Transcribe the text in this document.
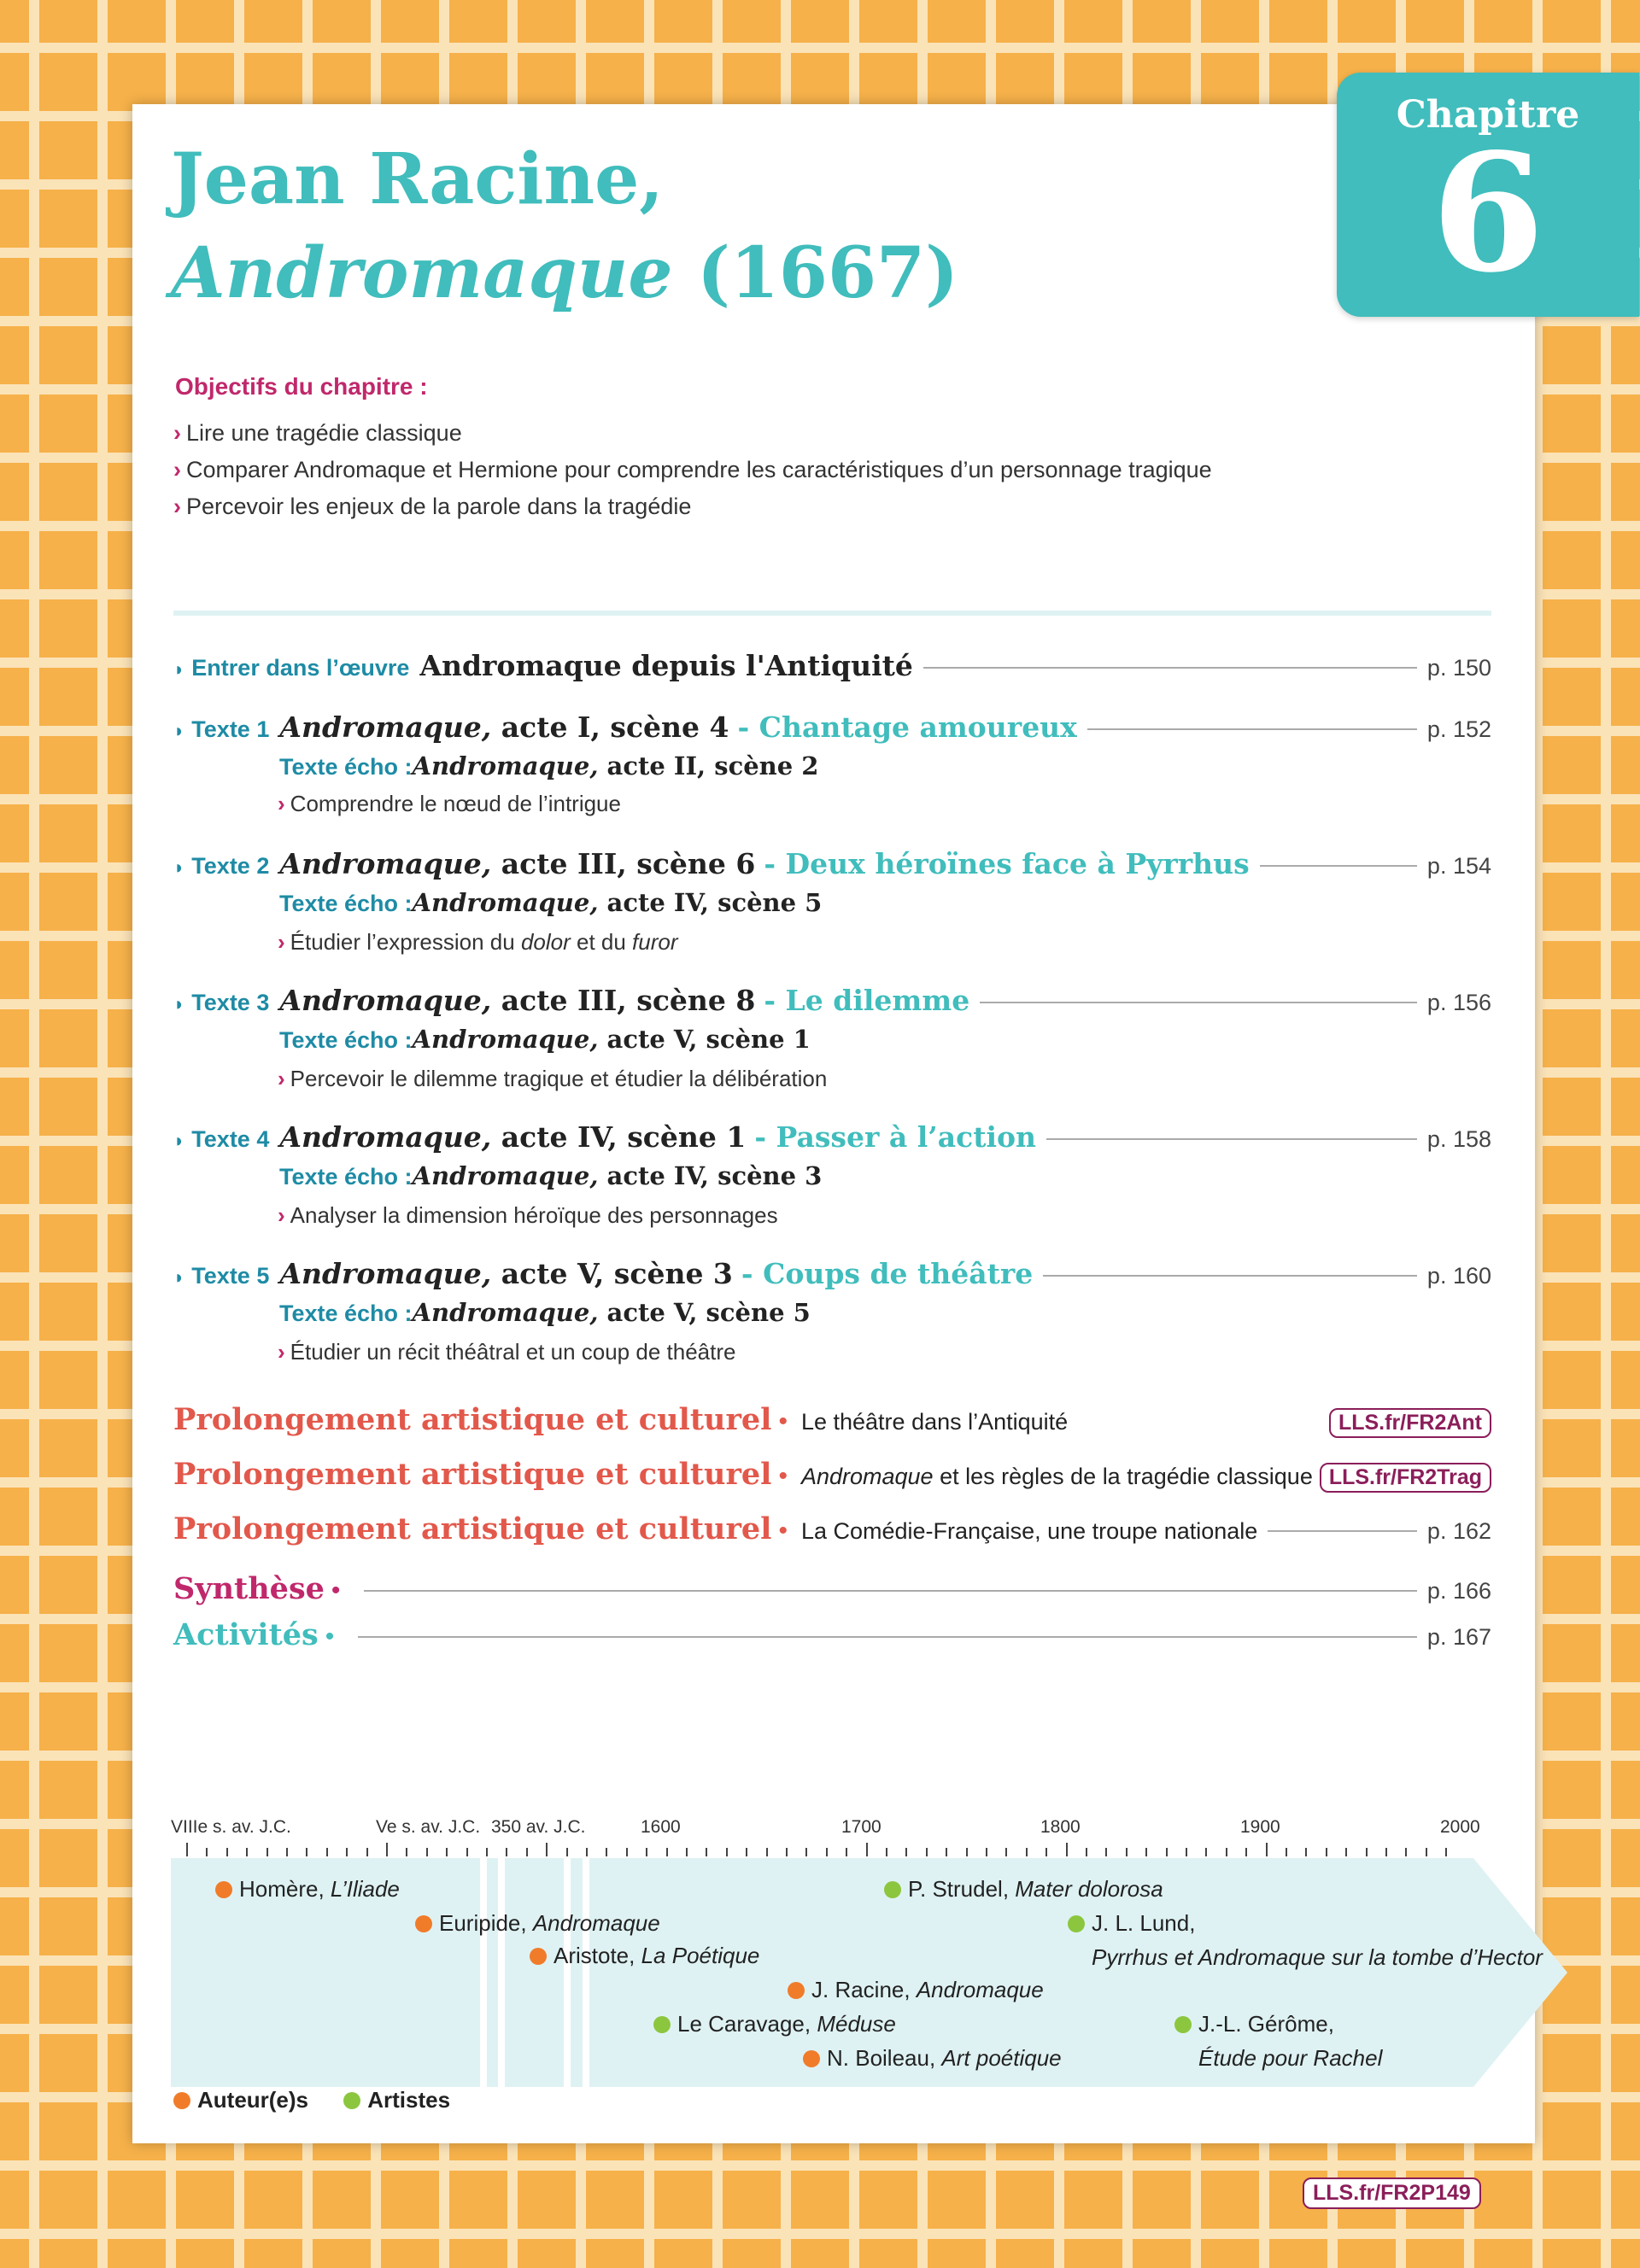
Chapitre
6
Jean Racine,
Andromaque (1667)
Objectifs du chapitre :
› Lire une tragédie classique
› Comparer Andromaque et Hermione pour comprendre les caractéristiques d’un personnage tragique
› Percevoir les enjeux de la parole dans la tragédie
◗ Entrer dans l’œuvre Andromaque depuis l'Antiquité	p. 150
◗ Texte 1 Andromaque, acte I, scène 4 - Chantage amoureux	p. 152
Texte écho :Andromaque, acte II, scène 2
› Comprendre le nœud de l’intrigue
◗ Texte 2 Andromaque, acte III, scène 6 - Deux héroïnes face à Pyrrhus	p. 154
Texte écho :Andromaque, acte IV, scène 5
› Étudier l’expression du dolor et du furor
◗ Texte 3 Andromaque, acte III, scène 8 - Le dilemme	p. 156
Texte écho :Andromaque, acte V, scène 1
› Percevoir le dilemme tragique et étudier la délibération
◗ Texte 4 Andromaque, acte IV, scène 1 - Passer à l’action	p. 158
Texte écho :Andromaque, acte IV, scène 3
› Analyser la dimension héroïque des personnages
◗ Texte 5 Andromaque, acte V, scène 3 - Coups de théâtre	p. 160
Texte écho :Andromaque, acte V, scène 5
› Étudier un récit théâtral et un coup de théâtre
Prolongement artistique et culturel • Le théâtre dans l’Antiquité	LLS.fr/FR2Ant
Prolongement artistique et culturel • Andromaque et les règles de la tragédie classique LLS.fr/FR2Trag
Prolongement artistique et culturel • La Comédie-Française, une troupe nationale	p. 162
Synthèse •	p. 166
Activités •	p. 167
VIIIe s. av. J.C.	Ve s. av. J.C. 350 av. J.C.	1600	1700	1800	1900	2000
Homère, L’Iliade
Euripide, Andromaque
Aristote, La Poétique
J. Racine, Andromaque
N. Boileau, Art poétique
Le Caravage, Méduse
P. Strudel, Mater dolorosa
J. L. Lund,
Pyrrhus et Andromaque sur la tombe d’Hector
J.-L. Gérôme,
Étude pour Rachel
Auteur(e)s	Artistes
LLS.fr/FR2P149
